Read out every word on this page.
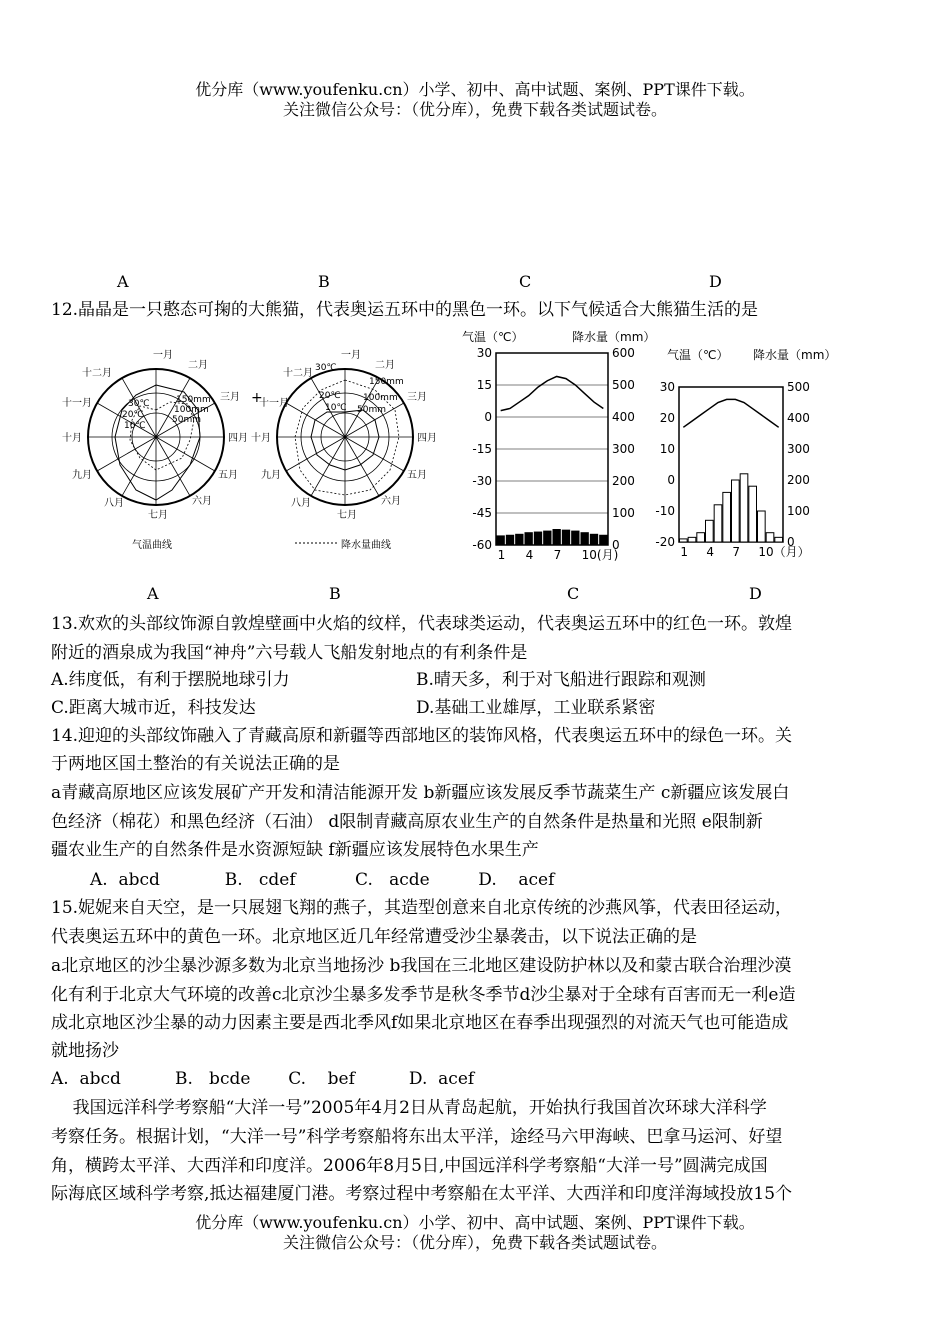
优分库（www.youfenku.cn）小学、初中、高中试题、案例、PPT课件下载。
关注微信公众号：（优分库），免费下载各类试题试卷。
A	B	C	D
12.晶晶是一只憨态可掬的大熊猫，代表奥运五环中的黑色一环。以下气候适合大熊猫生活的是
一月
二月
三月
四月
五月
六月
七月
八月
九月
十月
十一月
十二月
30℃
20℃
10℃
150mm
100mm
50mm
气温曲线
+
一月
二月
三月
四月
五月
六月
七月
八月
九月
十月
十一月
十二月 30℃
20℃
10℃
150mm
100mm
50mm
降水量曲线
气温（℃）	降水量（mm）
30	600
15	500
0	400
-15	300
-30	200
-45	100
-60	0
1 4 7 10(月)
气温（℃） 降水量（mm）
30	500
20	400
10	300
0	200
-10	100
-20	0
1 4 7 10（月）
A	B	C	D
13.欢欢的头部纹饰源自敦煌壁画中火焰的纹样，代表球类运动，代表奥运五环中的红色一环。敦煌
附近的酒泉成为我国“神舟”六号载人飞船发射地点的有利条件是
A.纬度低，有利于摆脱地球引力	B.晴天多，利于对飞船进行跟踪和观测
C.距离大城市近，科技发达	D.基础工业雄厚，工业联系紧密
14.迎迎的头部纹饰融入了青藏高原和新疆等西部地区的装饰风格，代表奥运五环中的绿色一环。关
于两地区国土整治的有关说法正确的是
a青藏高原地区应该发展矿产开发和清洁能源开发 b新疆应该发展反季节蔬菜生产 c新疆应该发展白
色经济（棉花）和黑色经济（石油） d限制青藏高原农业生产的自然条件是热量和光照 e限制新
疆农业生产的自然条件是水资源短缺 f新疆应该发展特色水果生产
A.  abcd            B.   cdef           C.   acde         D.    acef
15.妮妮来自天空，是一只展翅飞翔的燕子，其造型创意来自北京传统的沙燕风筝，代表田径运动，
代表奥运五环中的黄色一环。北京地区近几年经常遭受沙尘暴袭击，以下说法正确的是
a北京地区的沙尘暴沙源多数为北京当地扬沙 b我国在三北地区建设防护林以及和蒙古联合治理沙漠
化有利于北京大气环境的改善c北京沙尘暴多发季节是秋冬季节d沙尘暴对于全球有百害而无一利e造
成北京地区沙尘暴的动力因素主要是西北季风f如果北京地区在春季出现强烈的对流天气也可能造成
就地扬沙
A.  abcd          B.   bcde       C.    bef          D.  acef
我国远洋科学考察船“大洋一号”2005年4月2日从青岛起航，开始执行我国首次环球大洋科学
考察任务。根据计划，“大洋一号”科学考察船将东出太平洋，途经马六甲海峡、巴拿马运河、好望
角，横跨太平洋、大西洋和印度洋。2006年8月5日,中国远洋科学考察船“大洋一号”圆满完成国
际海底区域科学考察,抵达福建厦门港。考察过程中考察船在太平洋、大西洋和印度洋海域投放15个
优分库（www.youfenku.cn）小学、初中、高中试题、案例、PPT课件下载。
关注微信公众号：（优分库），免费下载各类试题试卷。
